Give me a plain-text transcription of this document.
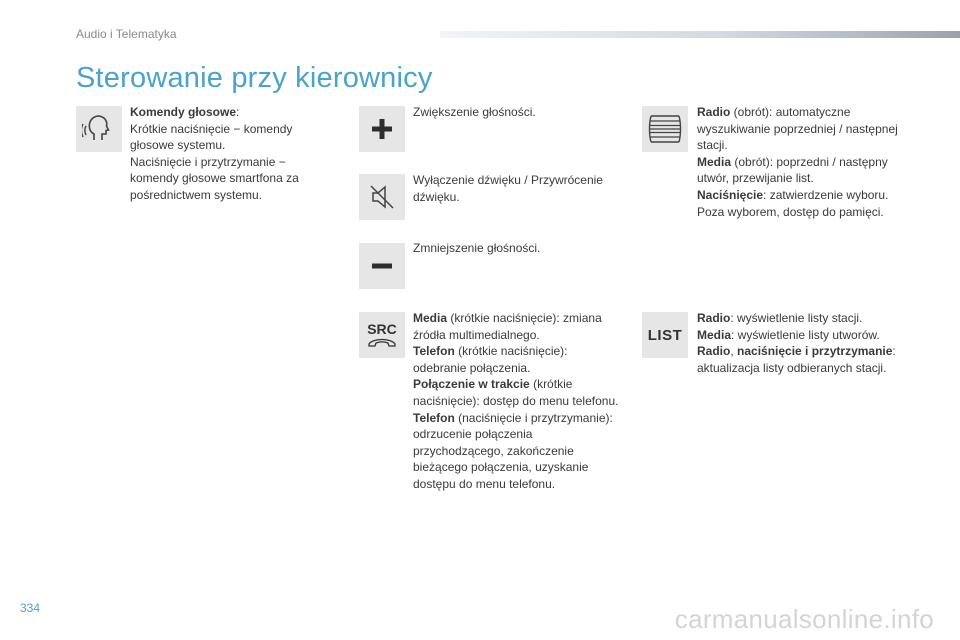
Audio i Telematyka
Sterowanie przy kierownicy
Komendy głosowe:
Krótkie naciśnięcie − komendy głosowe systemu.
Naciśnięcie i przytrzymanie − komendy głosowe smartfona za pośrednictwem systemu.
Zwiększenie głośności.
Wyłączenie dźwięku / Przywrócenie dźwięku.
Zmniejszenie głośności.
SRC
Media (krótkie naciśnięcie): zmiana źródła multimedialnego.
Telefon (krótkie naciśnięcie): odebranie połączenia.
Połączenie w trakcie (krótkie naciśnięcie): dostęp do menu telefonu.
Telefon (naciśnięcie i przytrzymanie): odrzucenie połączenia przychodzącego, zakończenie bieżącego połączenia, uzyskanie dostępu do menu telefonu.
Radio (obrót): automatyczne wyszukiwanie poprzedniej / następnej stacji.
Media (obrót): poprzedni / następny utwór, przewijanie list.
Naciśnięcie: zatwierdzenie wyboru. Poza wyborem, dostęp do pamięci.
LIST
Radio: wyświetlenie listy stacji.
Media: wyświetlenie listy utworów.
Radio, naciśnięcie i przytrzymanie: aktualizacja listy odbieranych stacji.
334	carmanualsonline.info
